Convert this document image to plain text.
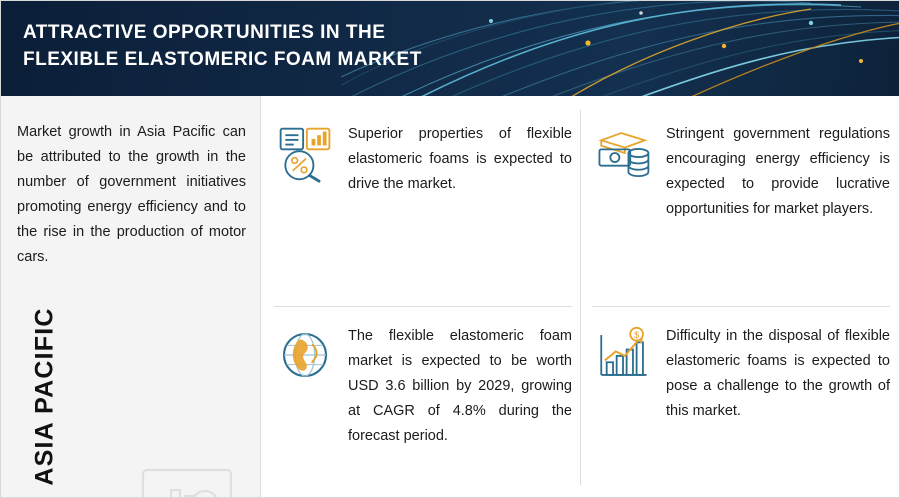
ATTRACTIVE OPPORTUNITIES IN THE
FLEXIBLE ELASTOMERIC FOAM MARKET
Market growth in Asia Pacific can be attributed to the growth in the number of government initiatives promoting energy efficiency and to the rise in the production of motor cars.
ASIA PACIFIC
Superior properties of flexible elastomeric foams is expected to drive the market.
Stringent government regulations encouraging energy efficiency is expected to provide lucrative opportunities for market players.
The flexible elastomeric foam market is expected to be worth USD 3.6 billion by 2029, growing at CAGR of 4.8% during the forecast period.
$ Difficulty in the disposal of flexible elastomeric foams is expected to pose a challenge to the growth of this market.
